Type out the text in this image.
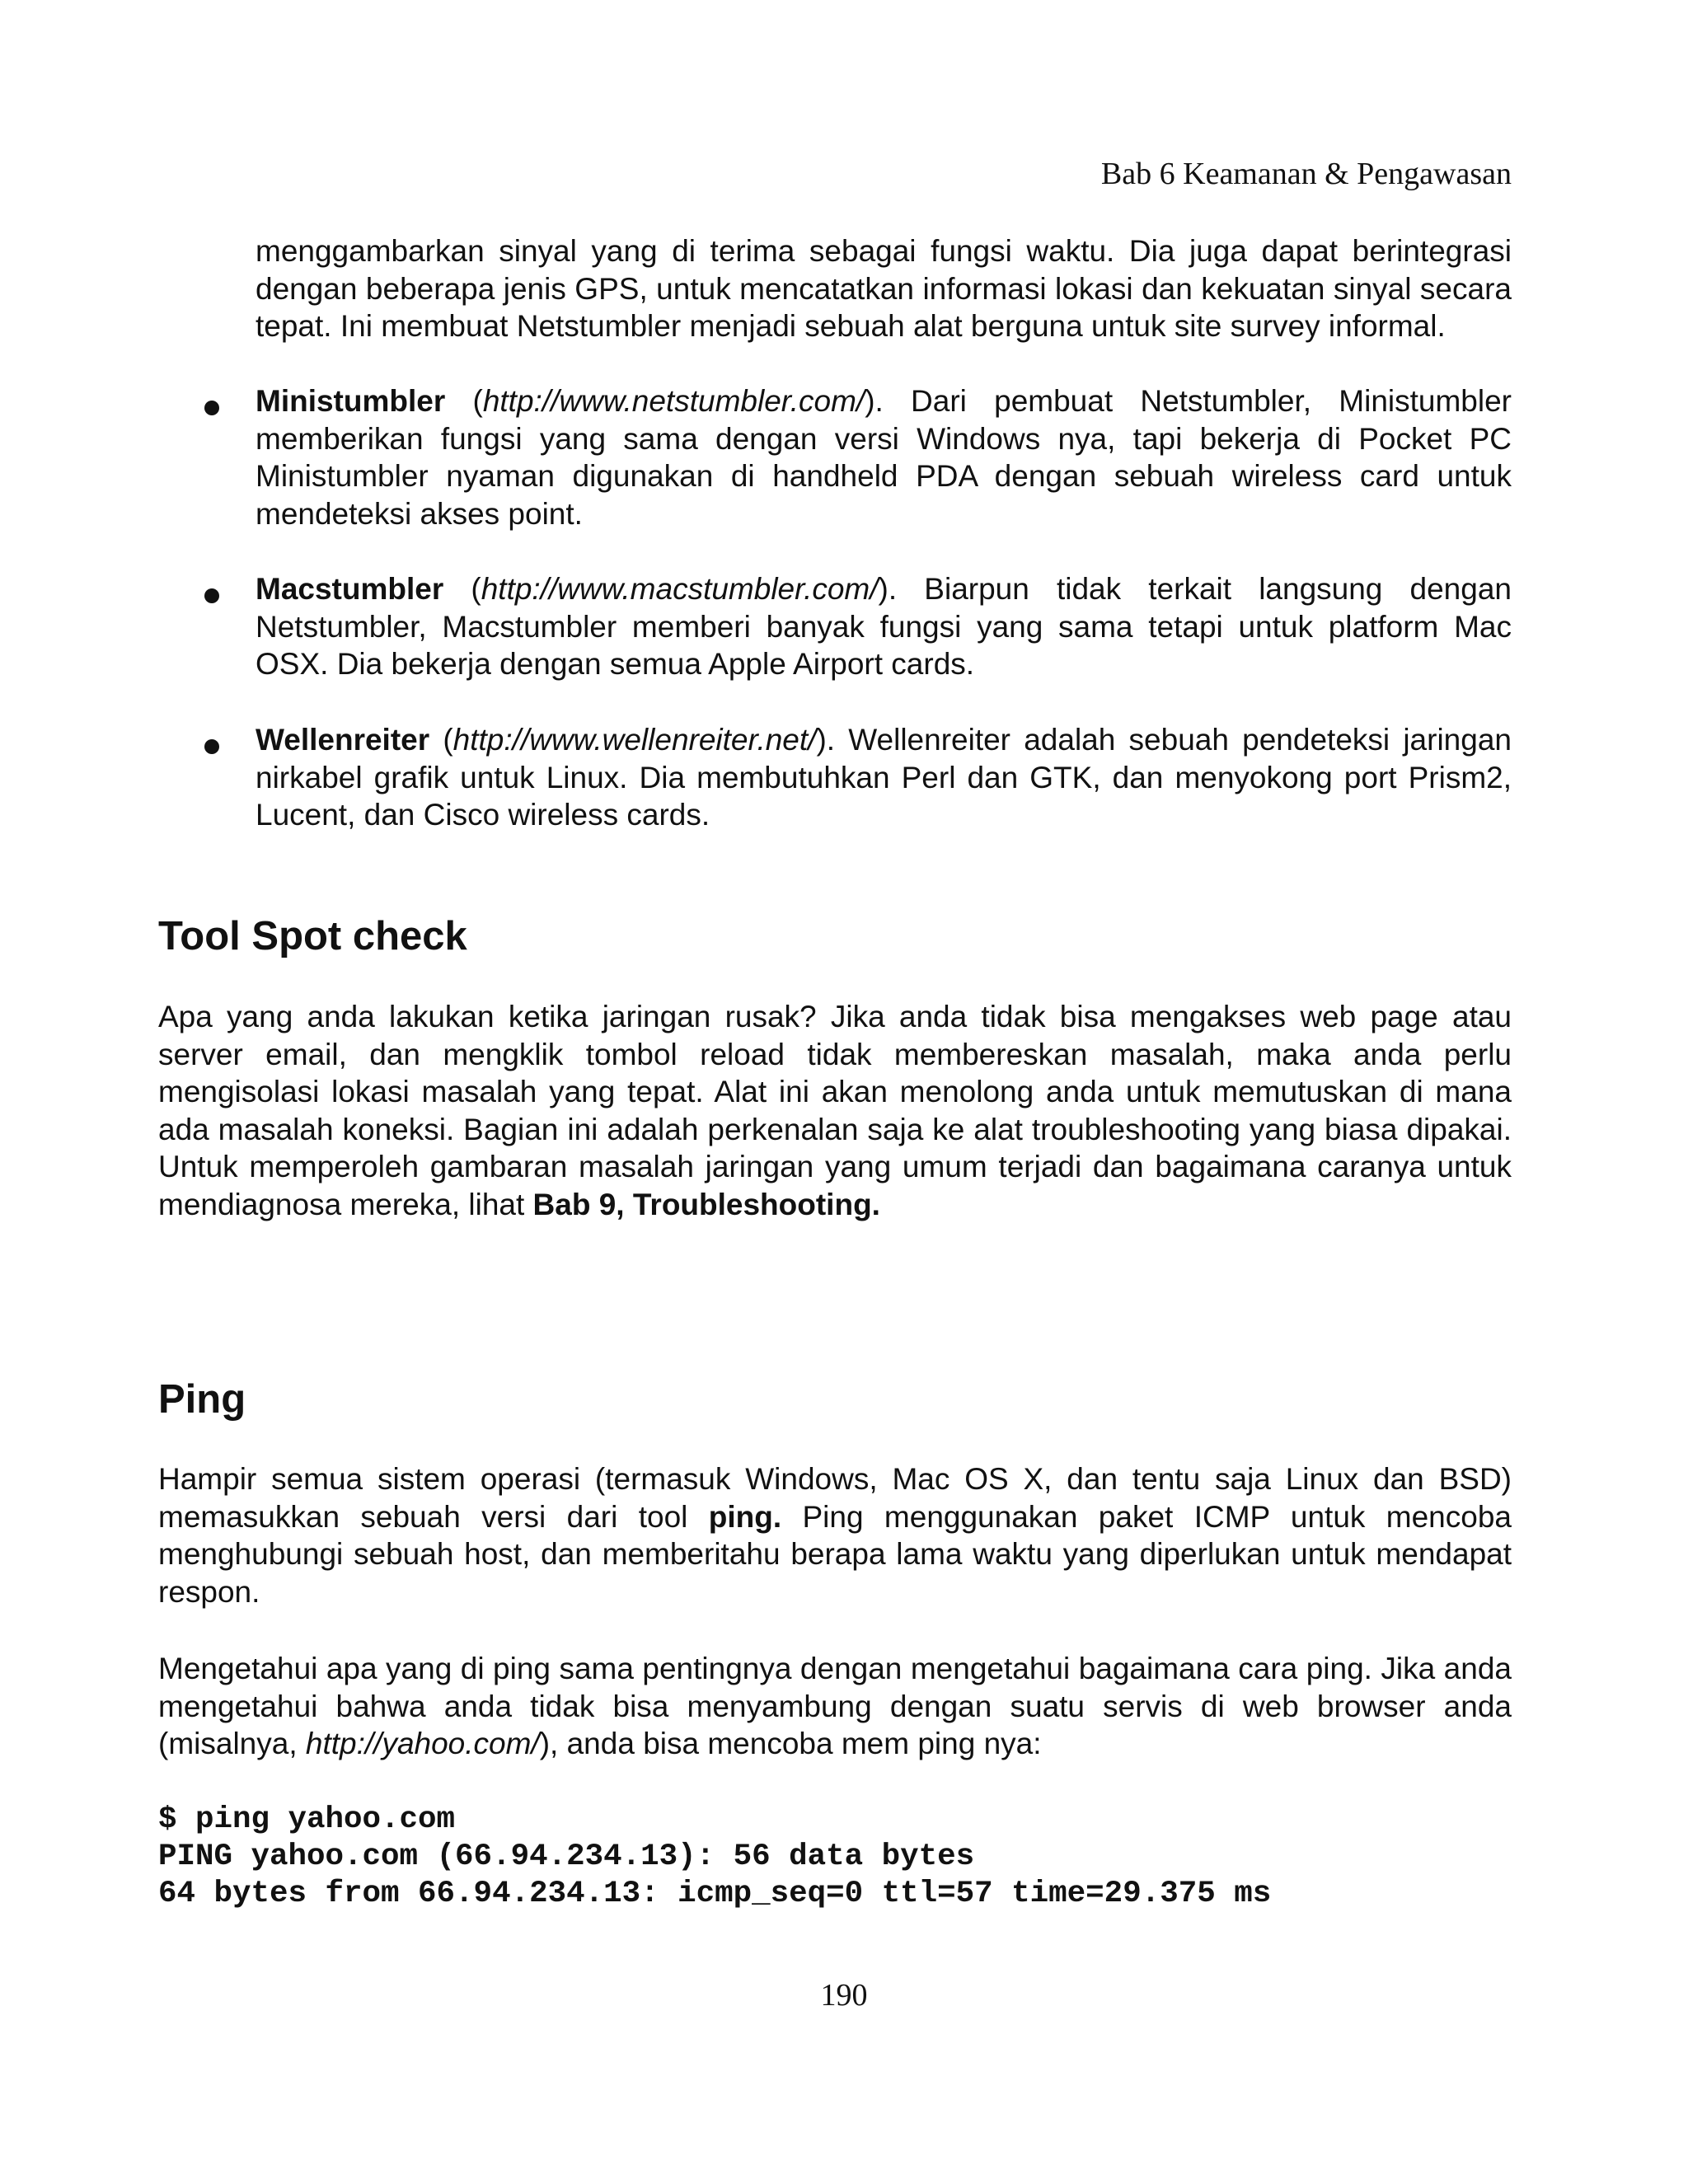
Bab 6 Keamanan & Pengawasan
menggambarkan sinyal yang di terima sebagai fungsi waktu. Dia juga dapat berintegrasi dengan beberapa jenis GPS, untuk mencatatkan informasi lokasi dan kekuatan sinyal secara tepat. Ini membuat Netstumbler menjadi sebuah alat berguna untuk site survey informal.
Ministumbler (http://www.netstumbler.com/). Dari pembuat Netstumbler, Ministumbler memberikan fungsi yang sama dengan versi Windows nya, tapi bekerja di Pocket PC Ministumbler nyaman digunakan di handheld PDA dengan sebuah wireless card untuk mendeteksi akses point.
Macstumbler (http://www.macstumbler.com/). Biarpun tidak terkait langsung dengan Netstumbler, Macstumbler memberi banyak fungsi yang sama tetapi untuk platform Mac OSX. Dia bekerja dengan semua Apple Airport cards.
Wellenreiter (http://www.wellenreiter.net/). Wellenreiter adalah sebuah pendeteksi jaringan nirkabel grafik untuk Linux. Dia membutuhkan Perl dan GTK, dan menyokong port Prism2, Lucent, dan Cisco wireless cards.
Tool Spot check
Apa yang anda lakukan ketika jaringan rusak? Jika anda tidak bisa mengakses web page atau server email, dan mengklik tombol reload tidak membereskan masalah, maka anda perlu mengisolasi lokasi masalah yang tepat. Alat ini akan menolong anda untuk memutuskan di mana ada masalah koneksi. Bagian ini adalah perkenalan saja ke alat troubleshooting yang biasa dipakai. Untuk memperoleh gambaran masalah jaringan yang umum terjadi dan bagaimana caranya untuk mendiagnosa mereka, lihat Bab 9, Troubleshooting.
Ping
Hampir semua sistem operasi (termasuk Windows, Mac OS X, dan tentu saja Linux dan BSD) memasukkan sebuah versi dari tool ping. Ping menggunakan paket ICMP untuk mencoba menghubungi sebuah host, dan memberitahu berapa lama waktu yang diperlukan untuk mendapat respon.
Mengetahui apa yang di ping sama pentingnya dengan mengetahui bagaimana cara ping. Jika anda mengetahui bahwa anda tidak bisa menyambung dengan suatu servis di web browser anda (misalnya, http://yahoo.com/), anda bisa mencoba mem ping nya:
$ ping yahoo.com
PING yahoo.com (66.94.234.13): 56 data bytes
64 bytes from 66.94.234.13: icmp_seq=0 ttl=57 time=29.375 ms
190
